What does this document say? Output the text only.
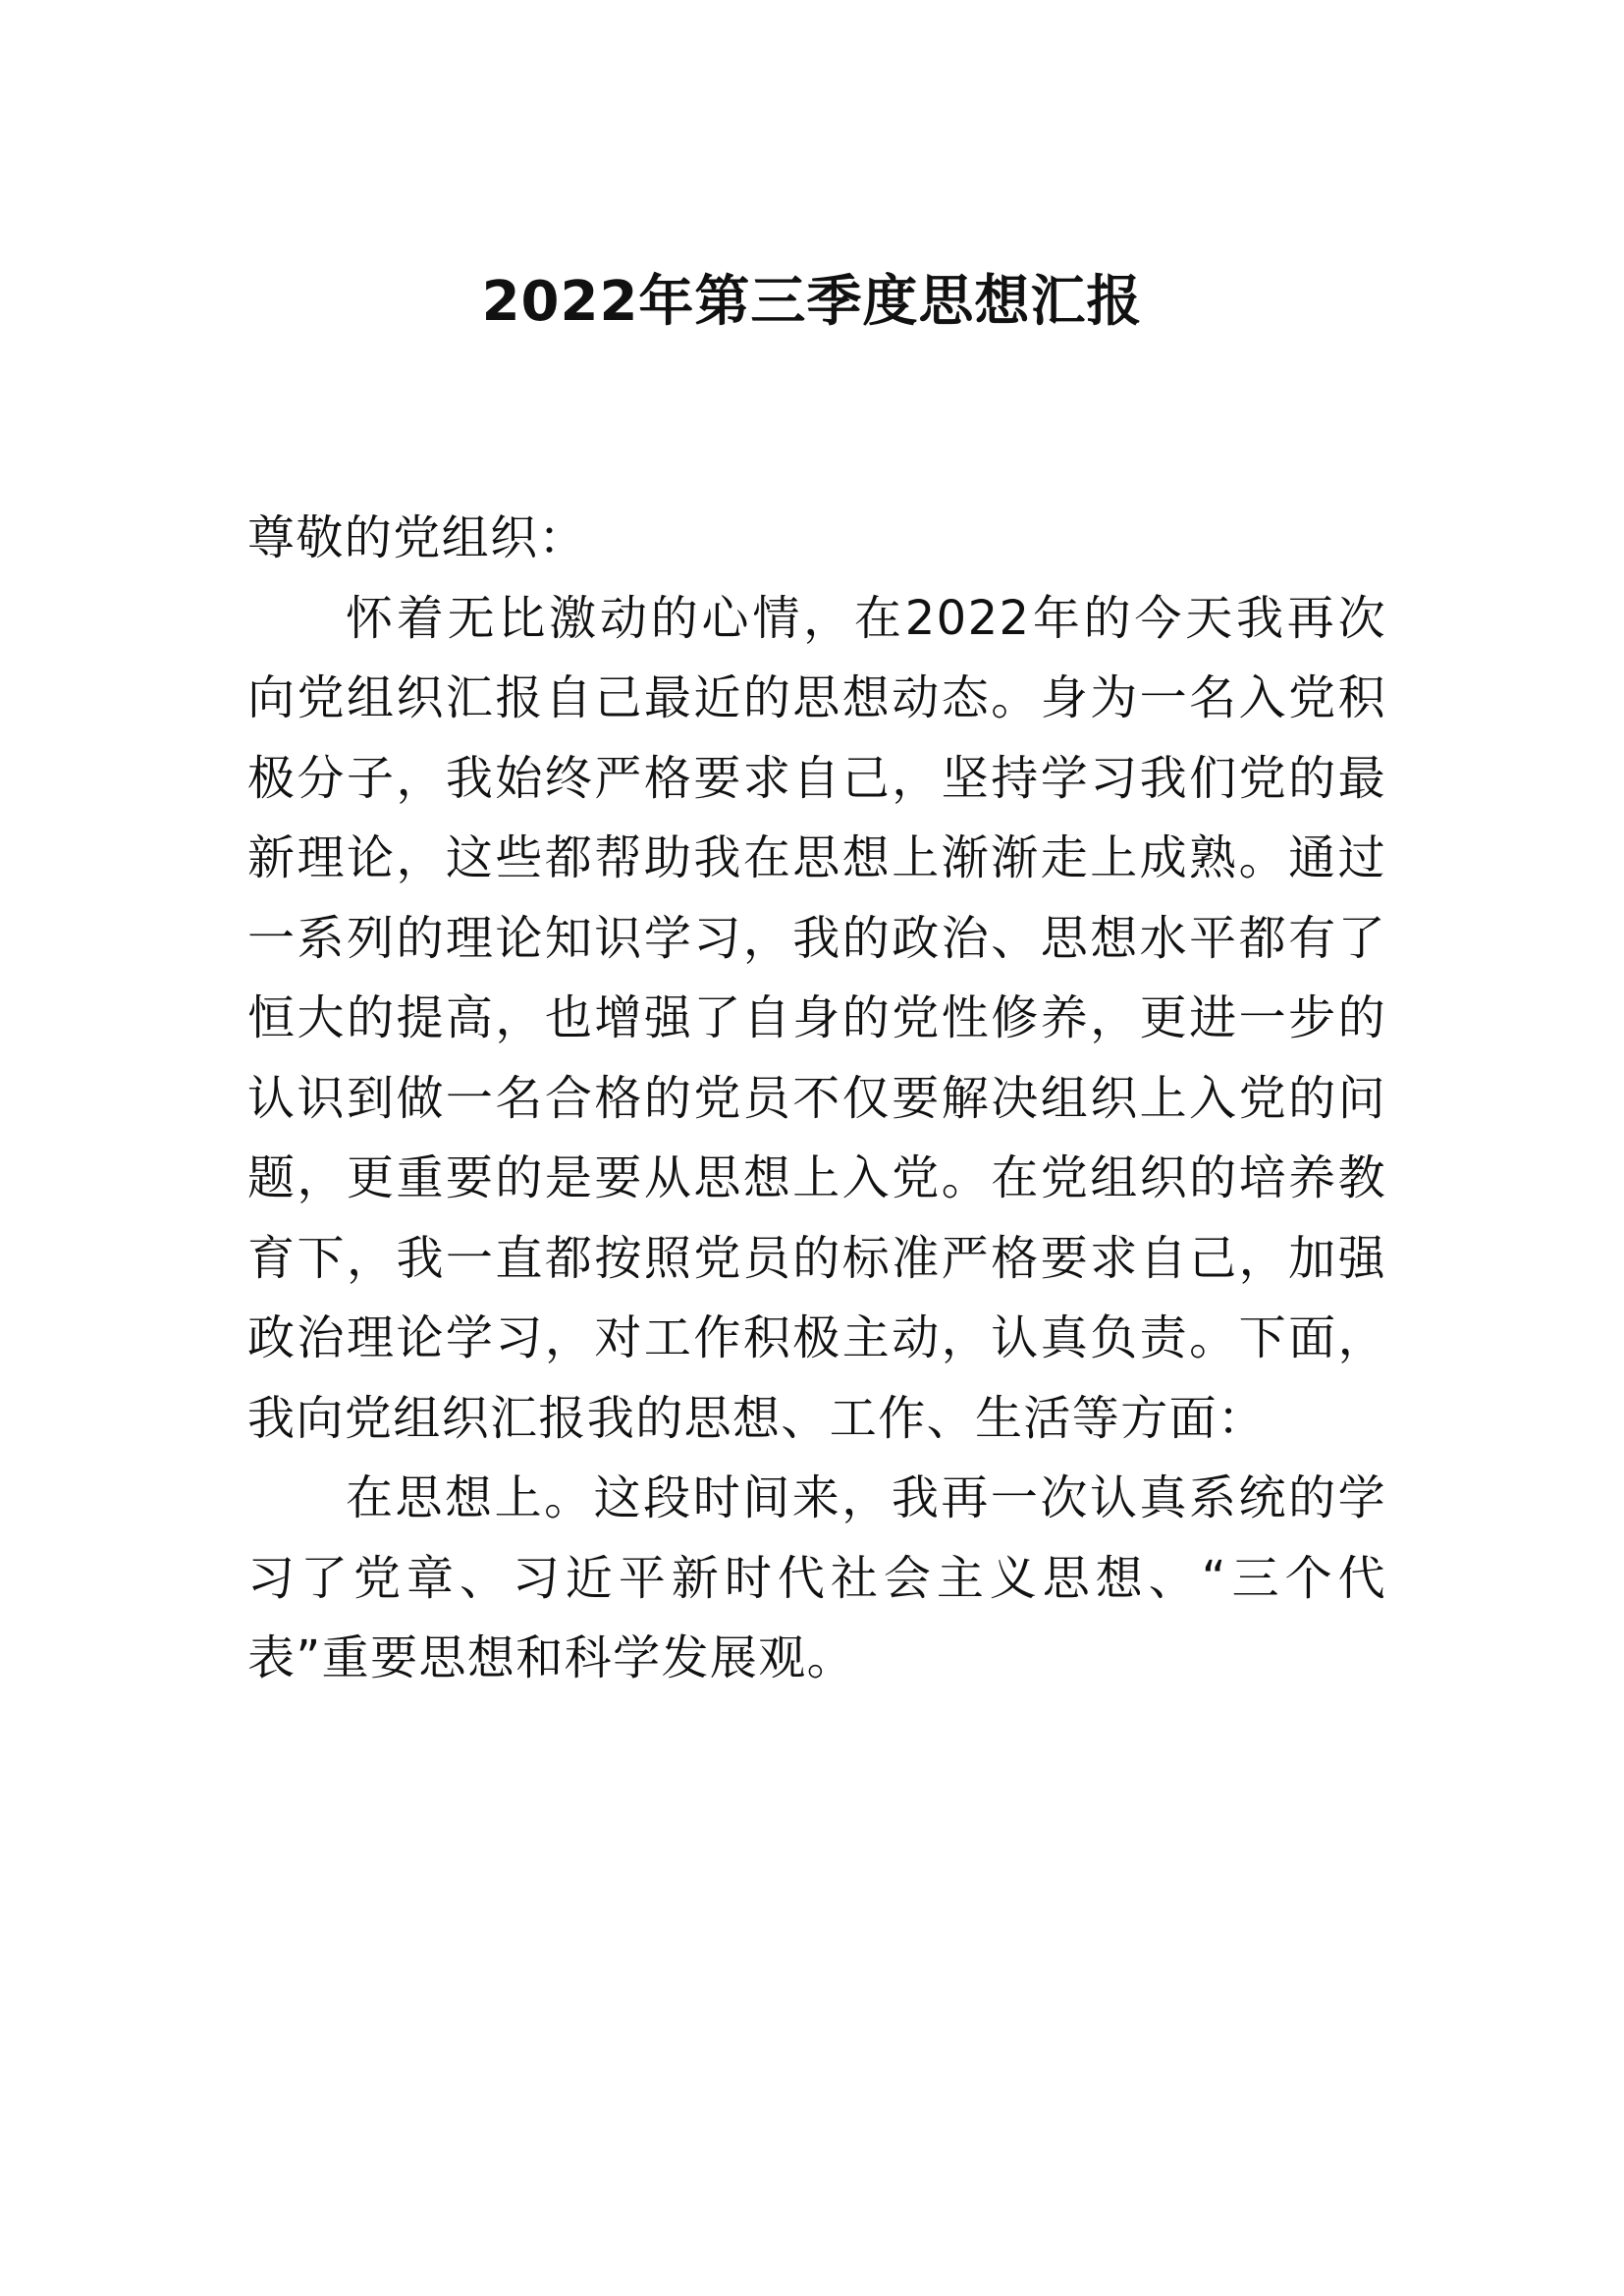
2022年第三季度思想汇报

尊敬的党组织：

怀着无比激动的心情，在2022年的今天我再次向党组织汇报自己最近的思想动态。身为一名入党积极分子，我始终严格要求自己，坚持学习我们党的最新理论，这些都帮助我在思想上渐渐走上成熟。通过一系列的理论知识学习，我的政治、思想水平都有了恒大的提高，也增强了自身的党性修养，更进一步的认识到做一名合格的党员不仅要解决组织上入党的问题，更重要的是要从思想上入党。在党组织的培养教育下，我一直都按照党员的标准严格要求自己，加强政治理论学习，对工作积极主动，认真负责。下面，我向党组织汇报我的思想、工作、生活等方面：

在思想上。这段时间来，我再一次认真系统的学习了党章、习近平新时代社会主义思想、“三个代表”重要思想和科学发展观。
